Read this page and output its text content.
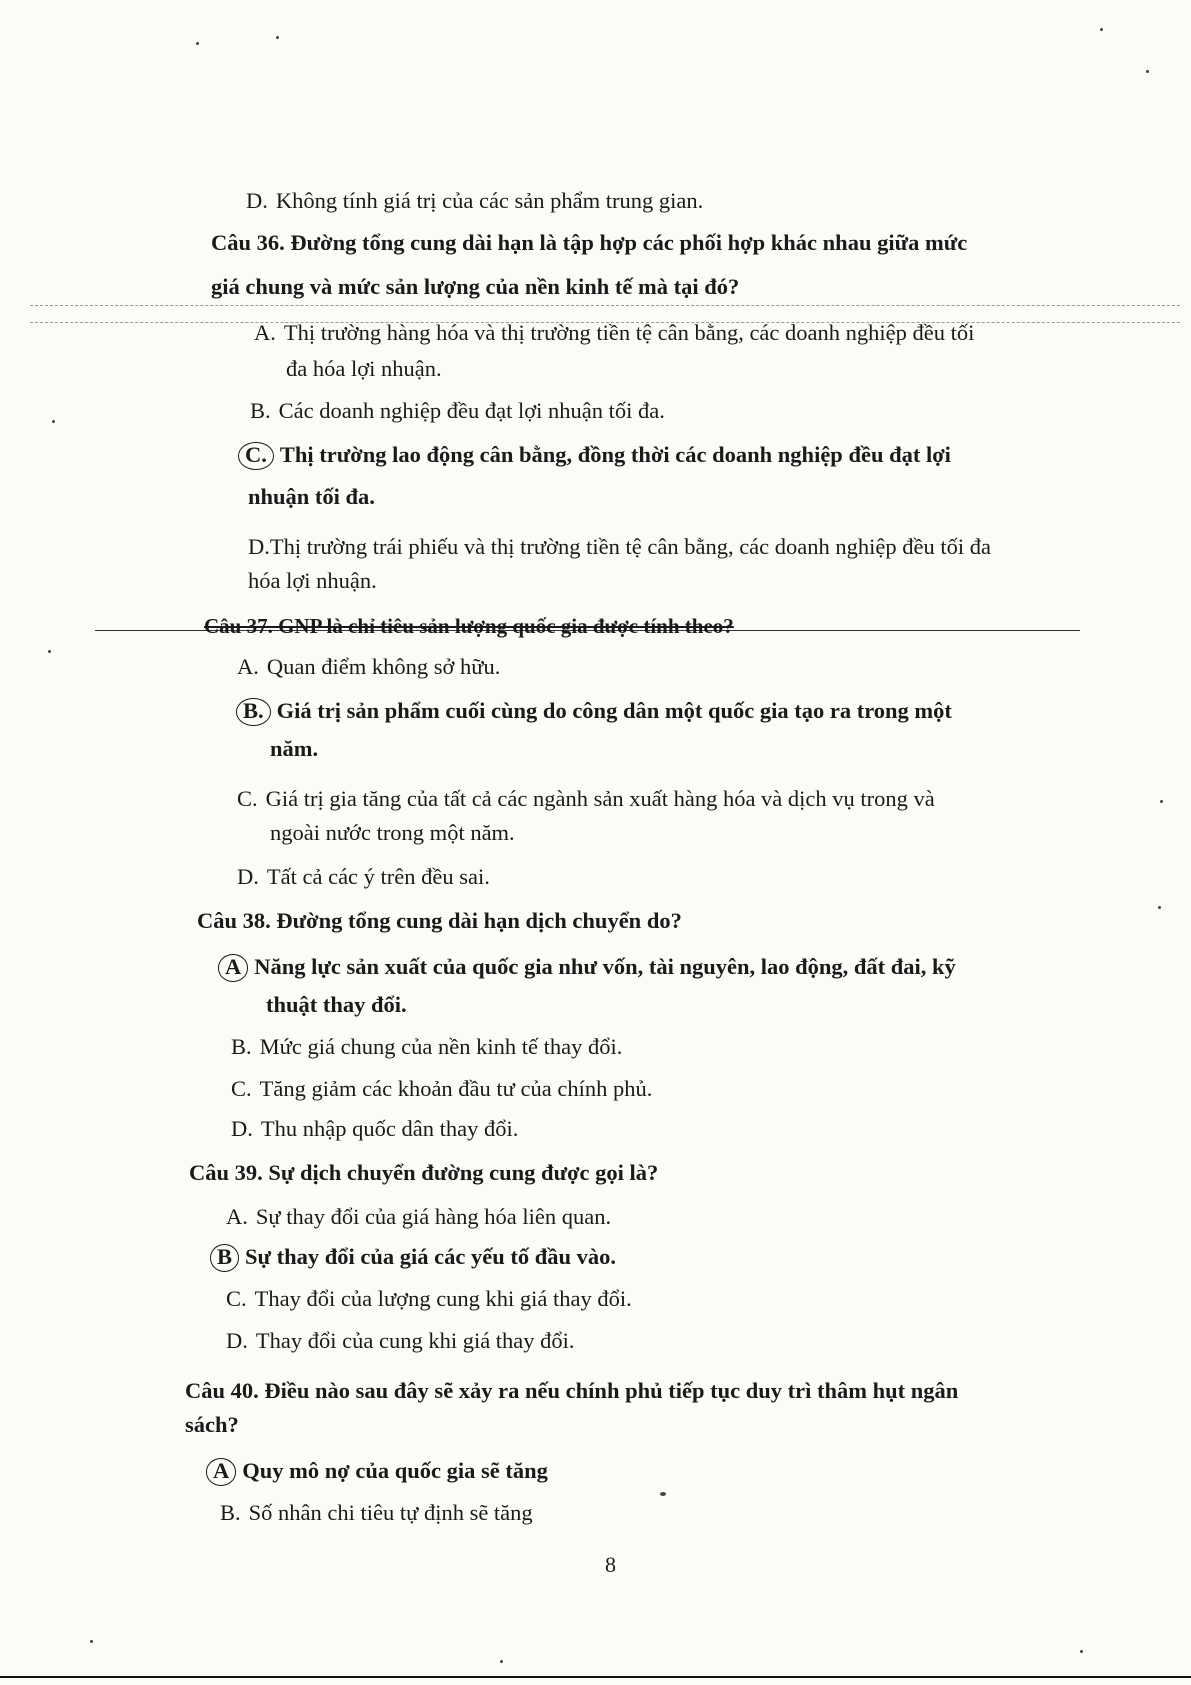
D. Không tính giá trị của các sản phẩm trung gian.
Câu 36. Đường tổng cung dài hạn là tập hợp các phối hợp khác nhau giữa mức
giá chung và mức sản lượng của nền kinh tế mà tại đó?
A. Thị trường hàng hóa và thị trường tiền tệ cân bằng, các doanh nghiệp đều tối
đa hóa lợi nhuận.
B. Các doanh nghiệp đều đạt lợi nhuận tối đa.
C. Thị trường lao động cân bằng, đồng thời các doanh nghiệp đều đạt lợi
nhuận tối đa.
D.Thị trường trái phiếu và thị trường tiền tệ cân bằng, các doanh nghiệp đều tối đa
hóa lợi nhuận.
Câu 37. GNP là chỉ tiêu sản lượng quốc gia được tính theo?
A. Quan điểm không sở hữu.
B. Giá trị sản phẩm cuối cùng do công dân một quốc gia tạo ra trong một
năm.
C. Giá trị gia tăng của tất cả các ngành sản xuất hàng hóa và dịch vụ trong và
ngoài nước trong một năm.
D. Tất cả các ý trên đều sai.
Câu 38. Đường tổng cung dài hạn dịch chuyển do?
A Năng lực sản xuất của quốc gia như vốn, tài nguyên, lao động, đất đai, kỹ
thuật thay đổi.
B. Mức giá chung của nền kinh tế thay đổi.
C. Tăng giảm các khoản đầu tư của chính phủ.
D. Thu nhập quốc dân thay đổi.
Câu 39. Sự dịch chuyển đường cung được gọi là?
A. Sự thay đổi của giá hàng hóa liên quan.
B Sự thay đổi của giá các yếu tố đầu vào.
C. Thay đổi của lượng cung khi giá thay đổi.
D. Thay đổi của cung khi giá thay đổi.
Câu 40. Điều nào sau đây sẽ xảy ra nếu chính phủ tiếp tục duy trì thâm hụt ngân
sách?
A Quy mô nợ của quốc gia sẽ tăng
B. Số nhân chi tiêu tự định sẽ tăng
8
